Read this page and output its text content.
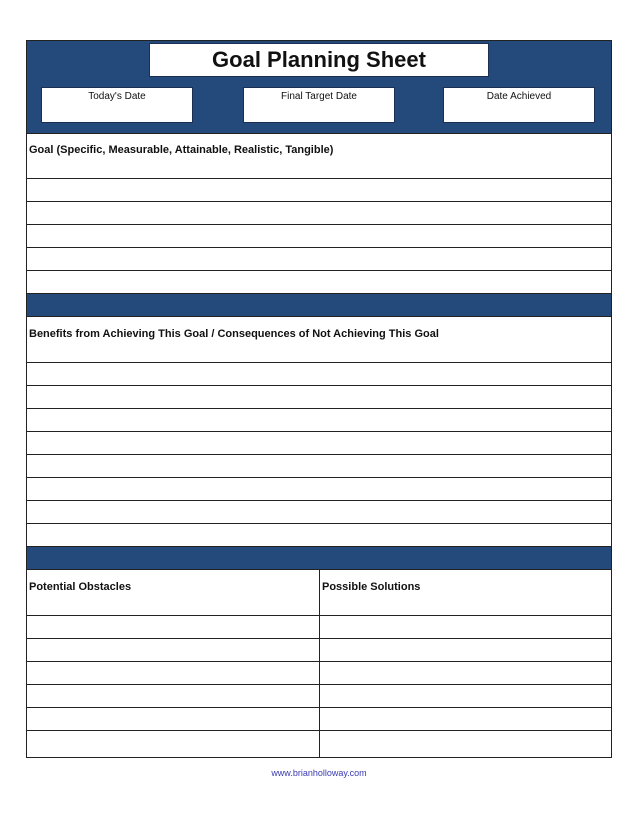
Goal Planning Sheet
Today's Date	Final Target Date	Date Achieved
Goal (Specific, Measurable, Attainable, Realistic, Tangible)
Benefits from Achieving This Goal / Consequences of Not Achieving This Goal
Potential Obstacles	Possible Solutions
www.brianholloway.com
